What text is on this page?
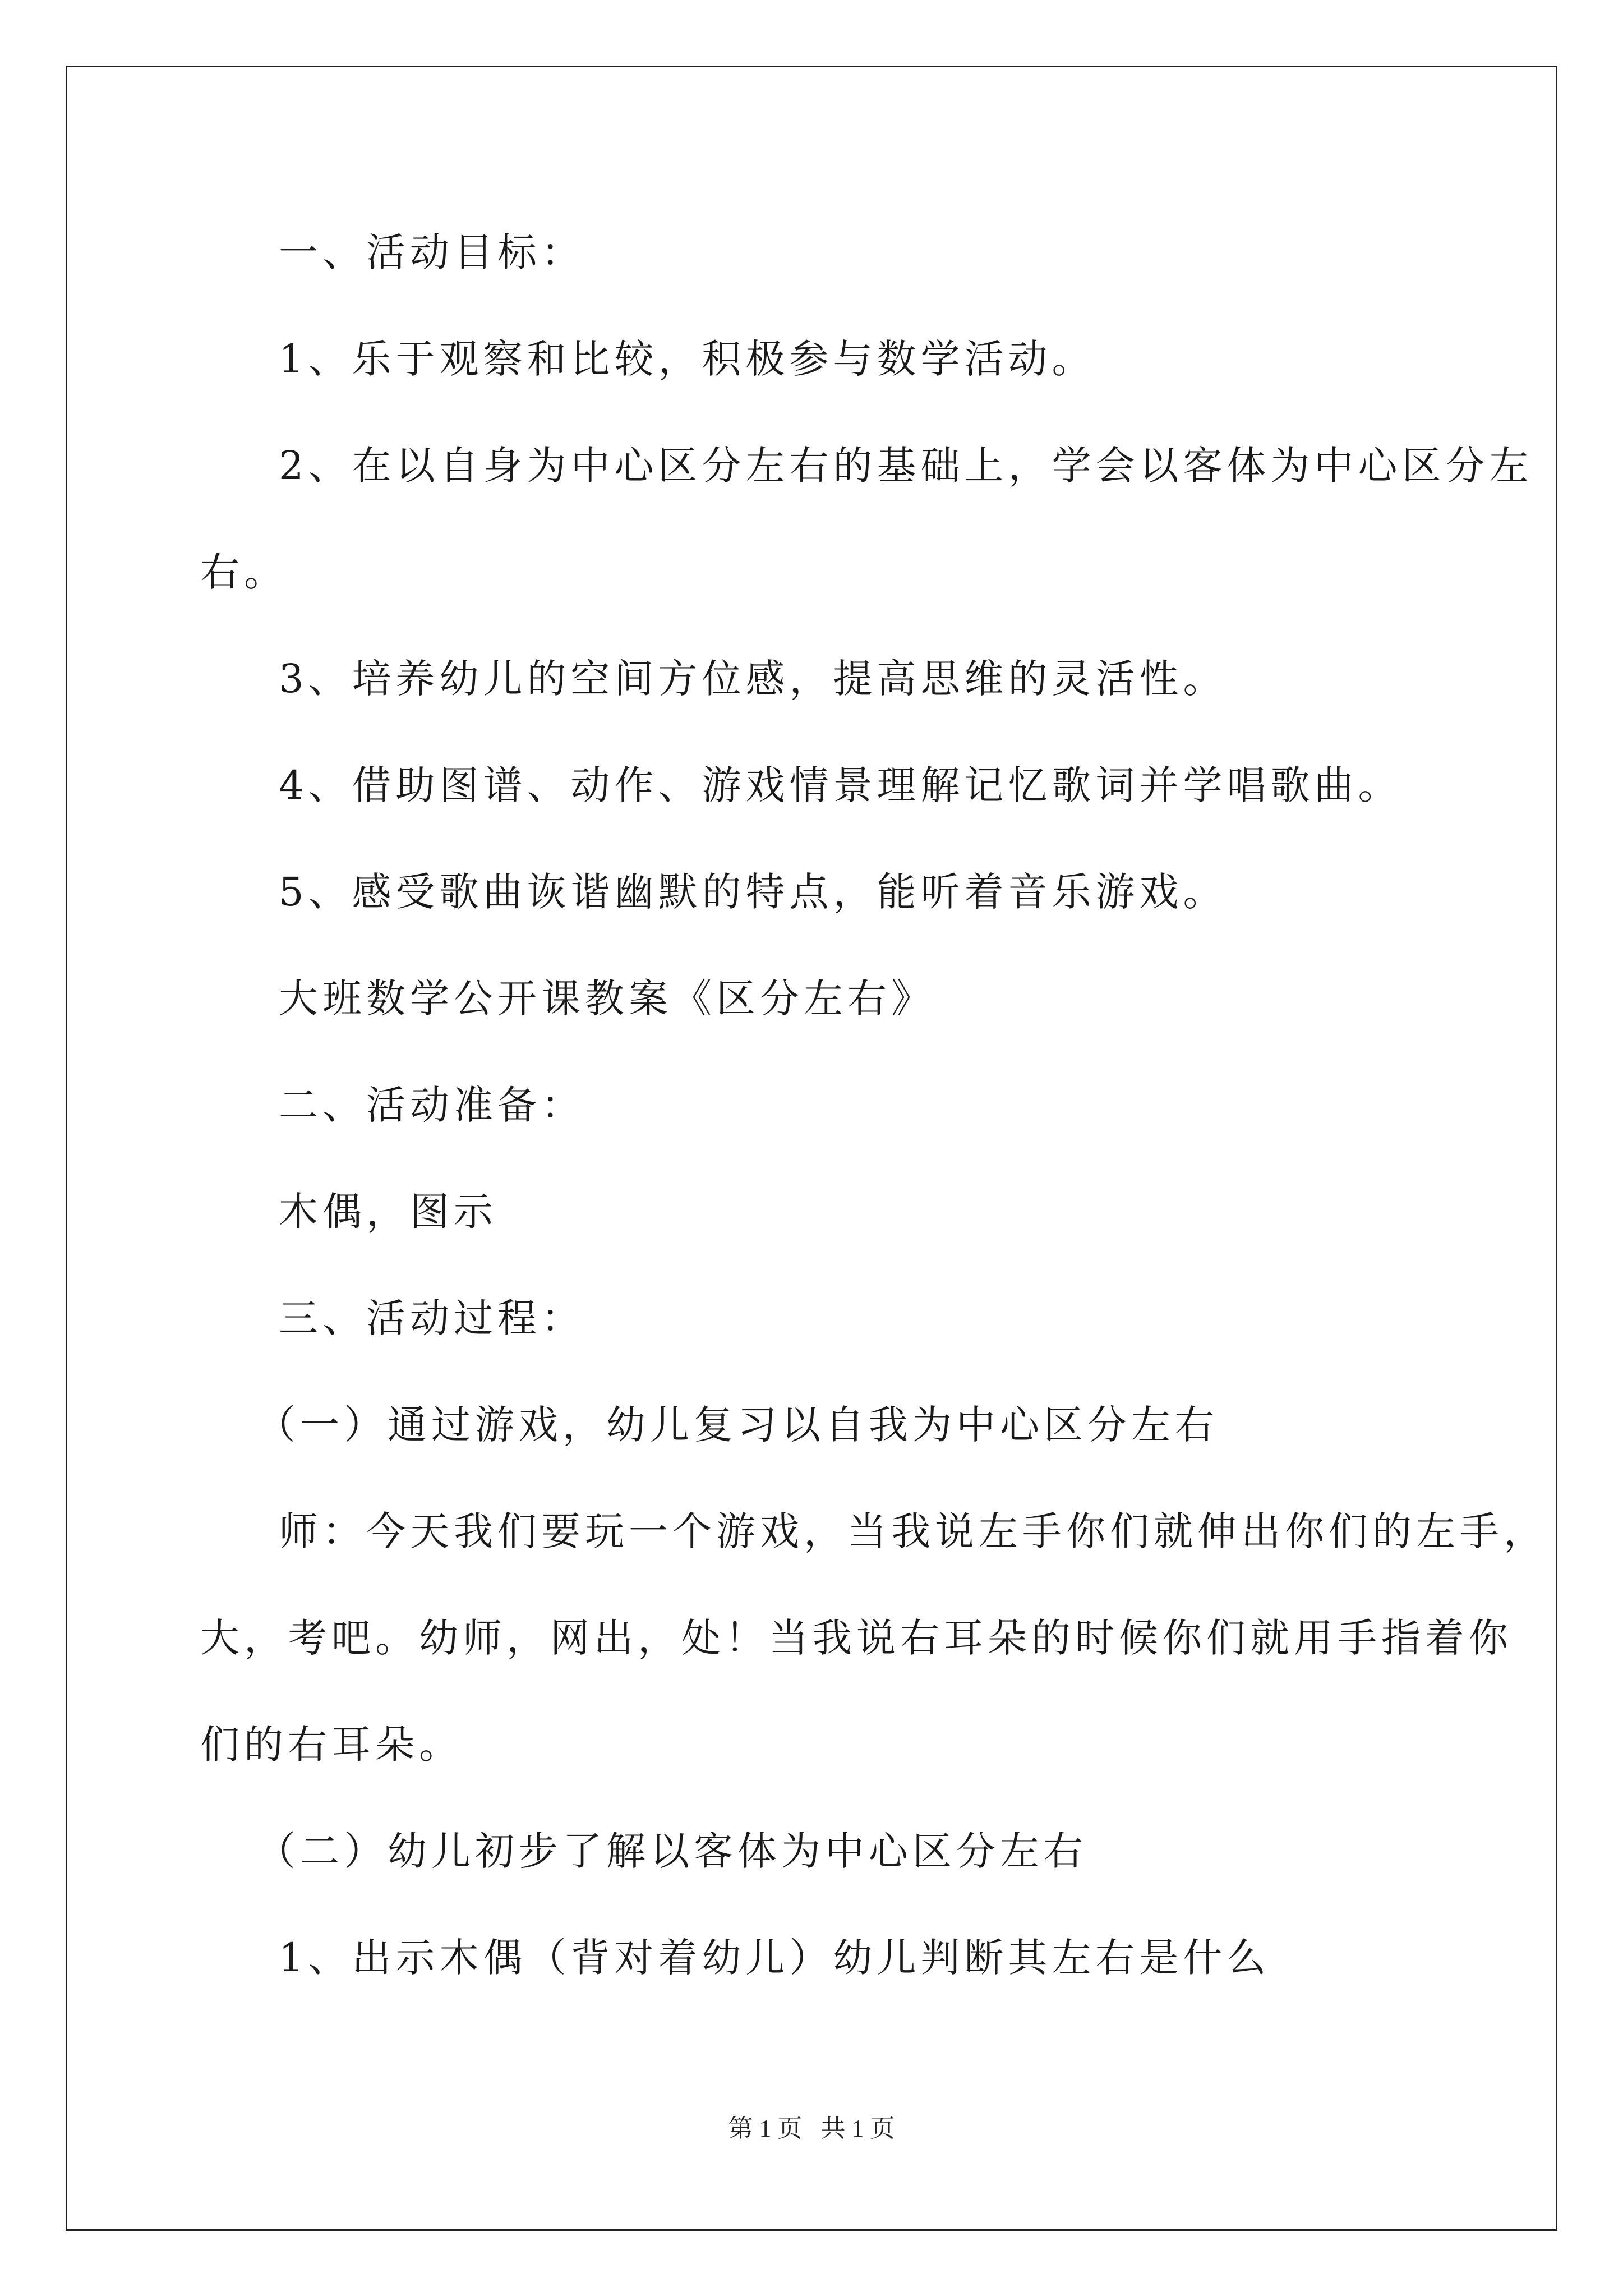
一、活动目标：
1、乐于观察和比较，积极参与数学活动。
2、在以自身为中心区分左右的基础上，学会以客体为中心区分左
右。
3、培养幼儿的空间方位感，提高思维的灵活性。
4、借助图谱、动作、游戏情景理解记忆歌词并学唱歌曲。
5、感受歌曲诙谐幽默的特点，能听着音乐游戏。
大班数学公开课教案《区分左右》
二、活动准备：
木偶，图示
三、活动过程：
（一）通过游戏，幼儿复习以自我为中心区分左右
师：今天我们要玩一个游戏，当我说左手你们就伸出你们的左手，
大，考吧。幼师，网出，处！当我说右耳朵的时候你们就用手指着你
们的右耳朵。
（二）幼儿初步了解以客体为中心区分左右
1、出示木偶（背对着幼儿）幼儿判断其左右是什么
第 1 页   共 1 页
